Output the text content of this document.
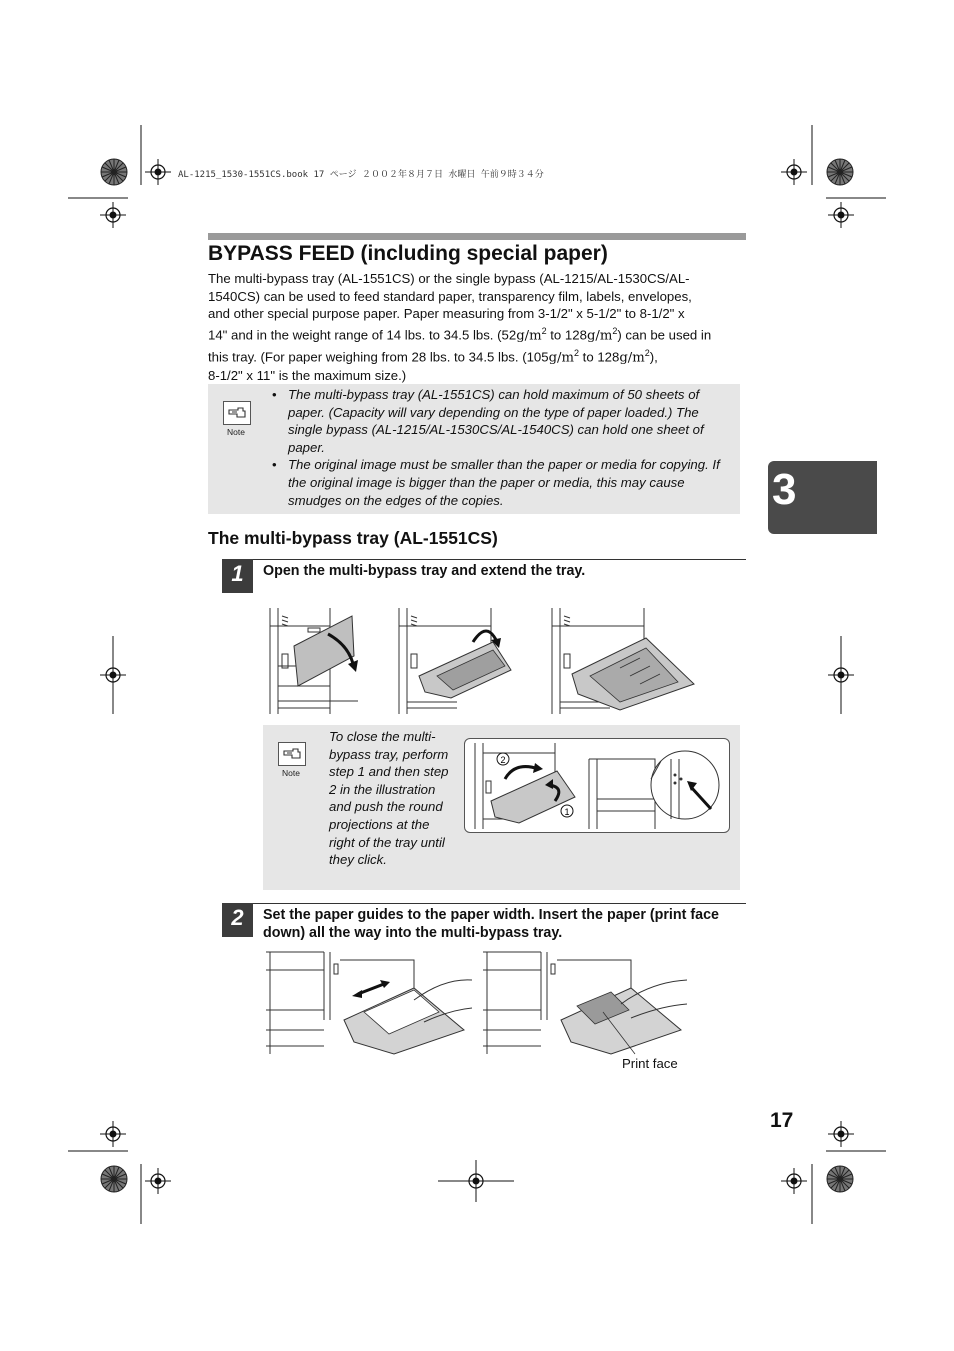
AL-1215_1530-1551CS.book 17 ページ ２００２年８月７日 水曜日 午前９時３４分
BYPASS FEED (including special paper)

The multi-bypass tray (AL-1551CS) or the single bypass (AL-1215/AL-1530CS/AL-

1540CS) can be used to feed standard paper, transparency film, labels, envelopes,

and other special purpose paper. Paper measuring from 3-1/2" x 5-1/2" to 8-1/2" x

14" and in the weight range of 14 lbs. to 34.5 lbs. ($52g/m^2$ to $128g/m^2$) can be used in

this tray. (For paper weighing from 28 lbs. to 34.5 lbs. ($105g/m^2$ to $128g/m^2$),

8-1/2" x 11" is the maximum size.)

Note
• The multi-bypass tray (AL-1551CS) can hold maximum of 50 sheets of paper. (Capacity will vary depending on the type of paper loaded.) The single bypass (AL-1215/AL-1530CS/AL-1540CS) can hold one sheet of paper.
• The original image must be smaller than the paper or media for copying. If the original image is bigger than the paper or media, this may cause smudges on the edges of the copies.
The multi-bypass tray (AL-1551CS)
1	Open the multi-bypass tray and extend the tray.
Note
To close the multi-bypass tray, perform step 1 and then step 2 in the illustration and push the round projections at the right of the tray until they click.
2
1
2	Set the paper guides to the paper width. Insert the paper (print face down) all the way into the multi-bypass tray.
Print face
3
17
